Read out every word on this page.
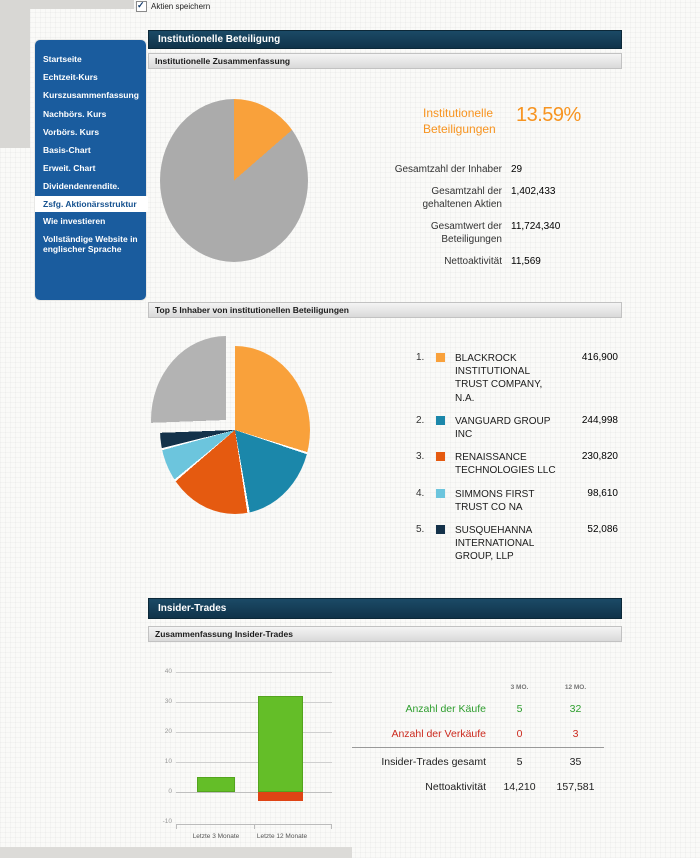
✓
Aktien speichern
Startseite
Echtzeit-Kurs
Kurszusammenfassung
Nachbörs. Kurs
Vorbörs. Kurs
Basis-Chart
Erweit. Chart
Dividendenrendite.
Zsfg. Aktionärsstruktur
Wie investieren
Vollständige Website in englischer Sprache
Institutionelle Beteiligung
Institutionelle Zusammenfassung
Institutionelle Beteiligungen
13.59%
Gesamtzahl der Inhaber 29
Gesamtzahl der gehaltenen Aktien
1,402,433
Gesamtwert der Beteiligungen
11,724,340
Nettoaktivität 11,569
Top 5 Inhaber von institutionellen Beteiligungen
1.	BLACKROCK INSTITUTIONAL TRUST COMPANY, N.A.
416,900
2.	VANGUARD GROUP INC
244,998
3.	RENAISSANCE TECHNOLOGIES LLC
230,820
4.	SIMMONS FIRST TRUST CO NA
98,610
5.	SUSQUEHANNA INTERNATIONAL GROUP, LLP
52,086
Insider-Trades
Zusammenfassung Insider-Trades
40
30
20
10
0
-10
Letzte 3 Monate	Letzte 12 Monate
3 MO.	12 MO.
Anzahl der Käufe	5	32
Anzahl der Verkäufe	0	3
Insider-Trades gesamt	5	35
Nettoaktivität	14,210	157,581
